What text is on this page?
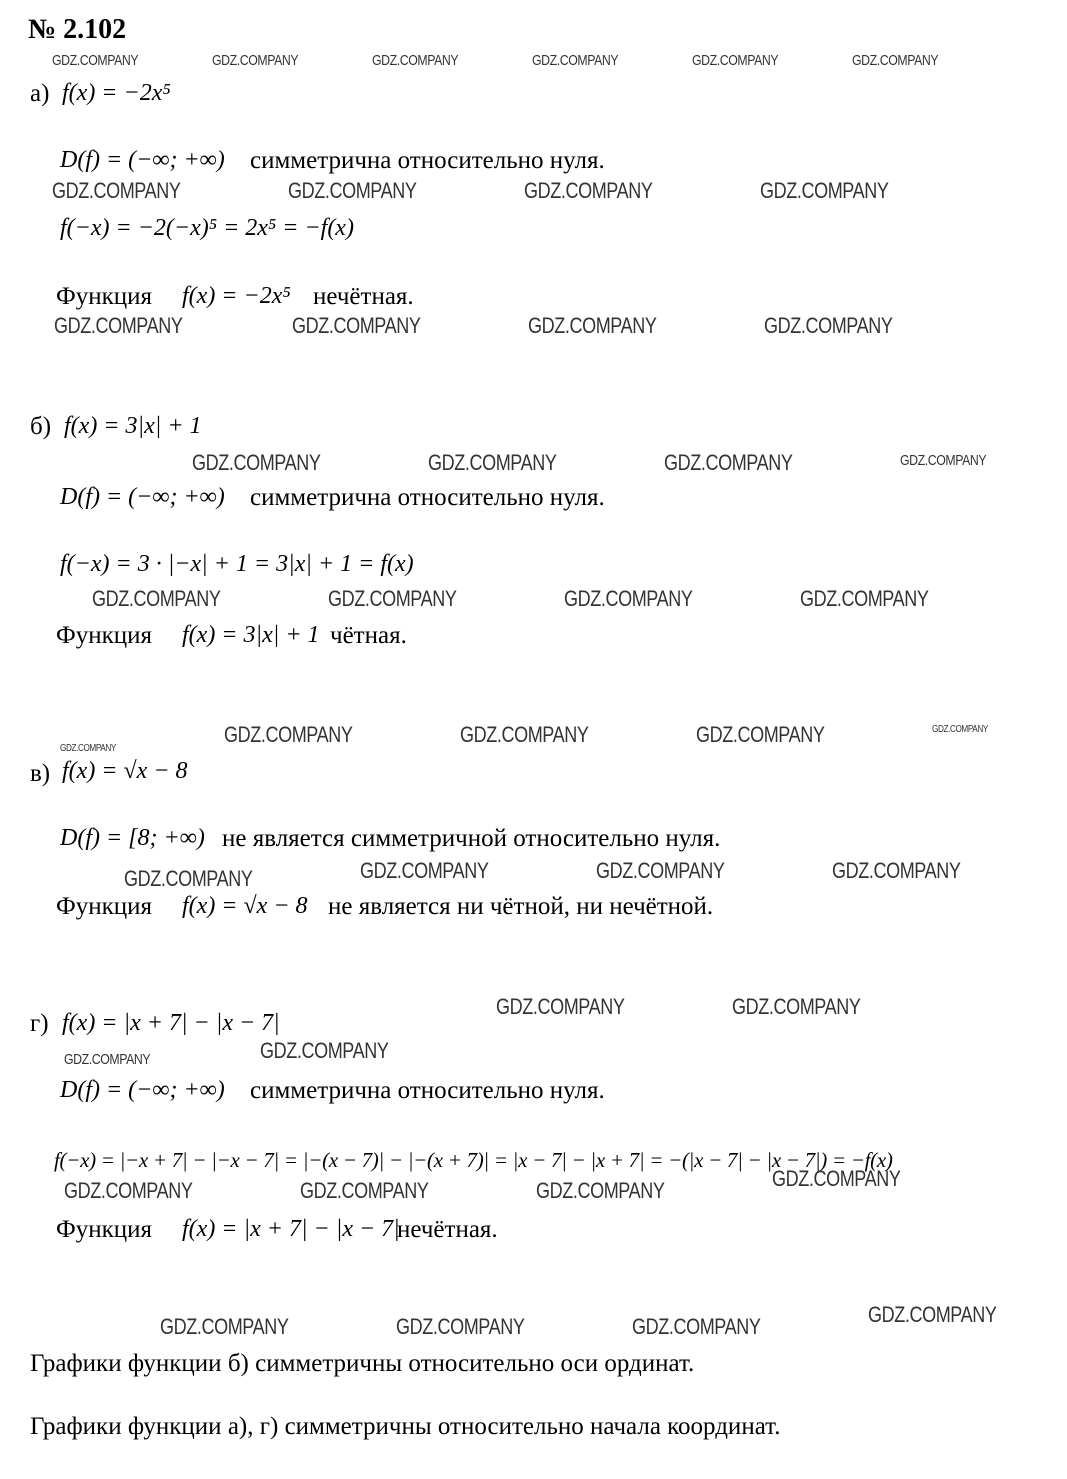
№ 2.102
а) f(x) = −2x⁵
D(f) = (−∞; +∞) симметрична относительно нуля.
f(−x) = −2(−x)⁵ = 2x⁵ = −f(x)
Функция f(x) = −2x⁵ нечётная.
б) f(x) = 3|x| + 1
D(f) = (−∞; +∞) симметрична относительно нуля.
f(−x) = 3 · |−x| + 1 = 3|x| + 1 = f(x)
Функция f(x) = 3|x| + 1 чётная.
в) f(x) = √x − 8
D(f) = [8; +∞) не является симметричной относительно нуля.
Функция f(x) = √x − 8 не является ни чётной, ни нечётной.
г) f(x) = |x + 7| − |x − 7|
D(f) = (−∞; +∞) симметрична относительно нуля.
f(−x) = |−x + 7| − |−x − 7| = |−(x − 7)| − |−(x + 7)| = |x − 7| − |x + 7| = −(|x − 7| − |x − 7|) = −f(x)
Функция f(x) = |x + 7| − |x − 7|
нечётная.
Графики функции б) симметричны относительно оси ординат.
Графики функции а), г) симметричны относительно начала координат.
GDZ.COMPANY	GDZ.COMPANY	GDZ.COMPANY	GDZ.COMPANY	GDZ.COMPANY	GDZ.COMPANY
GDZ.COMPANY	GDZ.COMPANY	GDZ.COMPANY	GDZ.COMPANY
GDZ.COMPANY	GDZ.COMPANY	GDZ.COMPANY	GDZ.COMPANY
GDZ.COMPANY	GDZ.COMPANY	GDZ.COMPANY	GDZ.COMPANY
GDZ.COMPANY	GDZ.COMPANY	GDZ.COMPANY	GDZ.COMPANY
GDZ.COMPANY	GDZ.COMPANY	GDZ.COMPANY	GDZ.COMPANY
GDZ.COMPANY
GDZ.COMPANY	GDZ.COMPANY	GDZ.COMPANY	GDZ.COMPANY
GDZ.COMPANY	GDZ.COMPANY
GDZ.COMPANY
GDZ.COMPANY
GDZ.COMPANY	GDZ.COMPANY	GDZ.COMPANY	GDZ.COMPANY
GDZ.COMPANY	GDZ.COMPANY	GDZ.COMPANY	GDZ.COMPANY
